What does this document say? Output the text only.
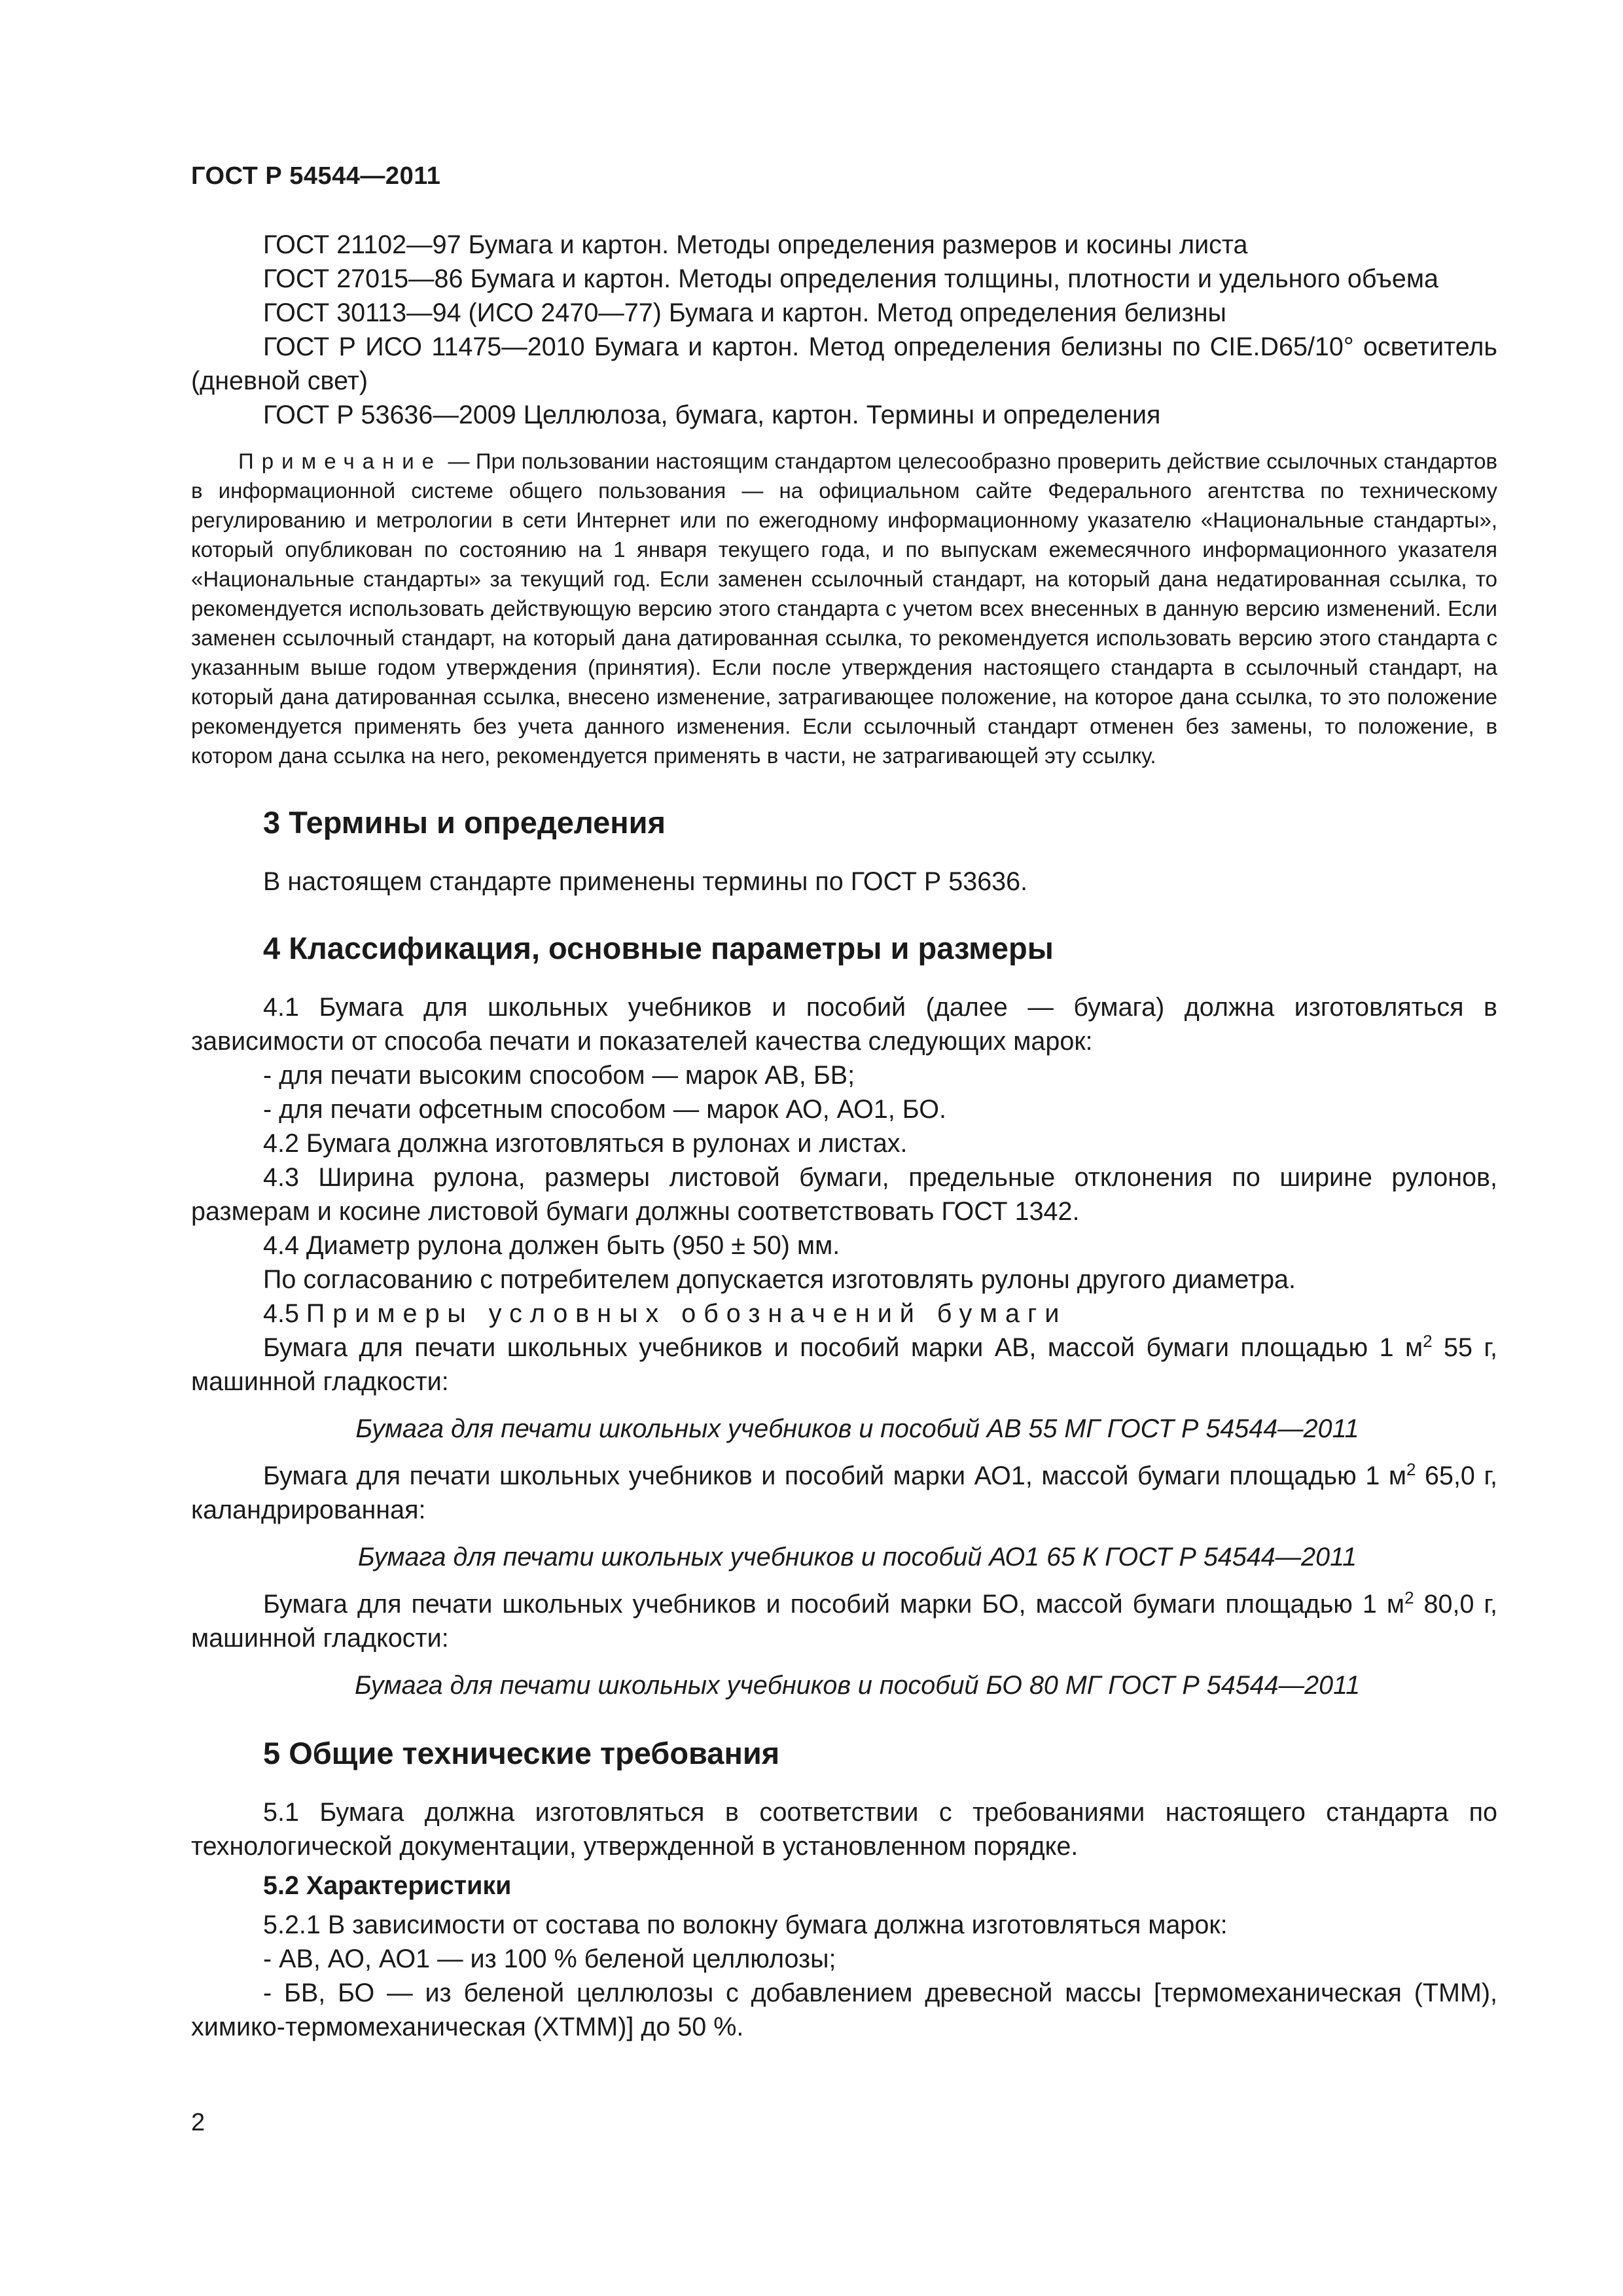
ГОСТ Р 54544—2011

ГОСТ 21102—97 Бумага и картон. Методы определения размеров и косины листа

ГОСТ 27015—86 Бумага и картон. Методы определения толщины, плотности и удельного объема

ГОСТ 30113—94 (ИСО 2470—77) Бумага и картон. Метод определения белизны

ГОСТ Р ИСО 11475—2010 Бумага и картон. Метод определения белизны по CIE.D65/10° осветитель (дневной свет)

ГОСТ Р 53636—2009 Целлюлоза, бумага, картон. Термины и определения

Примечание — При пользовании настоящим стандартом целесообразно проверить действие ссылочных стандартов в информационной системе общего пользования — на официальном сайте Федерального агентства по техническому регулированию и метрологии в сети Интернет или по ежегодному информационному указателю «Национальные стандарты», который опубликован по состоянию на 1 января текущего года, и по выпускам ежемесячного информационного указателя «Национальные стандарты» за текущий год. Если заменен ссылочный стандарт, на который дана недатированная ссылка, то рекомендуется использовать действующую версию этого стандарта с учетом всех внесенных в данную версию изменений. Если заменен ссылочный стандарт, на который дана датированная ссылка, то рекомендуется использовать версию этого стандарта с указанным выше годом утверждения (принятия). Если после утверждения настоящего стандарта в ссылочный стандарт, на который дана датированная ссылка, внесено изменение, затрагивающее положение, на которое дана ссылка, то это положение рекомендуется применять без учета данного изменения. Если ссылочный стандарт отменен без замены, то положение, в котором дана ссылка на него, рекомендуется применять в части, не затрагивающей эту ссылку.

3 Термины и определения

В настоящем стандарте применены термины по ГОСТ Р 53636.

4 Классификация, основные параметры и размеры

4.1 Бумага для школьных учебников и пособий (далее — бумага) должна изготовляться в зависимости от способа печати и показателей качества следующих марок:

- для печати высоким способом — марок АВ, БВ;

- для печати офсетным способом — марок АО, АО1, БО.

4.2 Бумага должна изготовляться в рулонах и листах.

4.3 Ширина рулона, размеры листовой бумаги, предельные отклонения по ширине рулонов, размерам и косине листовой бумаги должны соответствовать ГОСТ 1342.

4.4 Диаметр рулона должен быть (950 ± 50) мм.

По согласованию с потребителем допускается изготовлять рулоны другого диаметра.

4.5 Примеры условных обозначений бумаги

Бумага для печати школьных учебников и пособий марки АВ, массой бумаги площадью 1 $м^2$ 55 г, машинной гладкости:

Бумага для печати школьных учебников и пособий АВ 55 МГ ГОСТ Р 54544—2011

Бумага для печати школьных учебников и пособий марки АО1, массой бумаги площадью 1 $м^2$ 65,0 г, каландрированная:

Бумага для печати школьных учебников и пособий АО1 65 К ГОСТ Р 54544—2011

Бумага для печати школьных учебников и пособий марки БО, массой бумаги площадью 1 $м^2$ 80,0 г, машинной гладкости:

Бумага для печати школьных учебников и пособий БО 80 МГ ГОСТ Р 54544—2011

5 Общие технические требования

5.1 Бумага должна изготовляться в соответствии с требованиями настоящего стандарта по технологической документации, утвержденной в установленном порядке.

5.2 Характеристики

5.2.1 В зависимости от состава по волокну бумага должна изготовляться марок:

- АВ, АО, АО1 — из 100 % беленой целлюлозы;

- БВ, БО — из беленой целлюлозы с добавлением древесной массы [термомеханическая (ТММ), химико-термомеханическая (ХТММ)] до 50 %.

2
